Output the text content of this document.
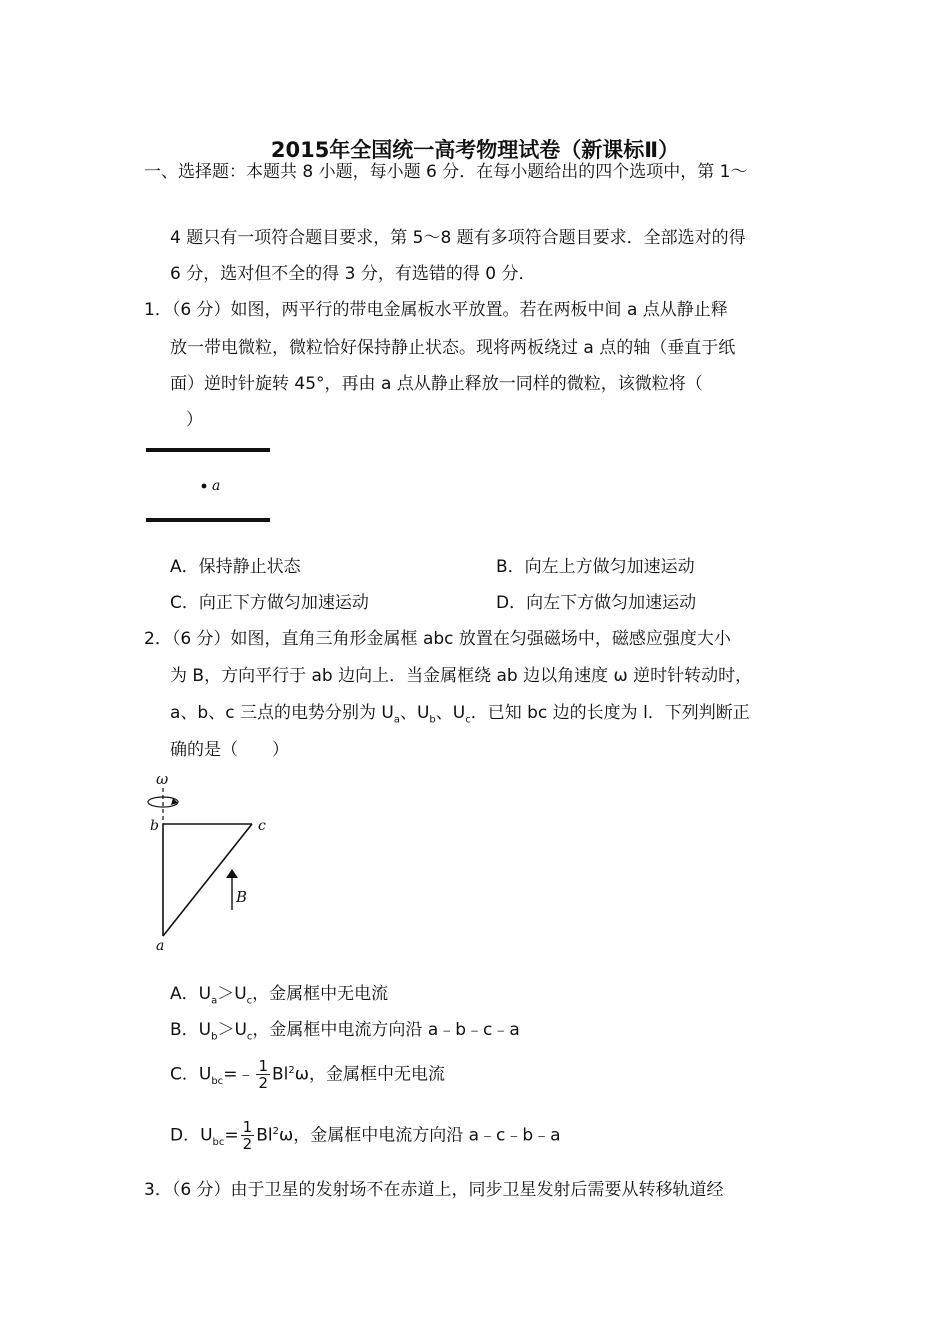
2015年全国统一高考物理试卷（新课标Ⅱ）
一、选择题：本题共 8 小题，每小题 6 分．在每小题给出的四个选项中，第 1～
4 题只有一项符合题目要求，第 5～8 题有多项符合题目要求．全部选对的得
6 分，选对但不全的得 3 分，有选错的得 0 分．
1．（6 分）如图，两平行的带电金属板水平放置。若在两板中间 a 点从静止释
放一带电微粒，微粒恰好保持静止状态。现将两板绕过 a 点的轴（垂直于纸
面）逆时针旋转 45°，再由 a 点从静止释放一同样的微粒，该微粒将（
）
a
A．保持静止状态	B．向左上方做匀加速运动
C．向正下方做匀加速运动	D．向左下方做匀加速运动
2．（6 分）如图，直角三角形金属框 abc 放置在匀强磁场中，磁感应强度大小
为 B，方向平行于 ab 边向上．当金属框绕 ab 边以角速度 ω 逆时针转动时，
a、b、c 三点的电势分别为 $U_a$、$U_b$、$U_c$．已知 bc 边的长度为 l．下列判断正
确的是（　　）
ω
b	c
a
B
A．$U_a>U_c$，金属框中无电流
B．$U_b>U_c$，金属框中电流方向沿 a﹣b﹣c﹣a
C．$U_{bc}=﹣ \frac{1}{2} Bl^2\omega$，金属框中无电流
D．$U_{bc}= \frac{1}{2} Bl^2\omega$，金属框中电流方向沿 a﹣c﹣b﹣a
3．（6 分）由于卫星的发射场不在赤道上，同步卫星发射后需要从转移轨道经
